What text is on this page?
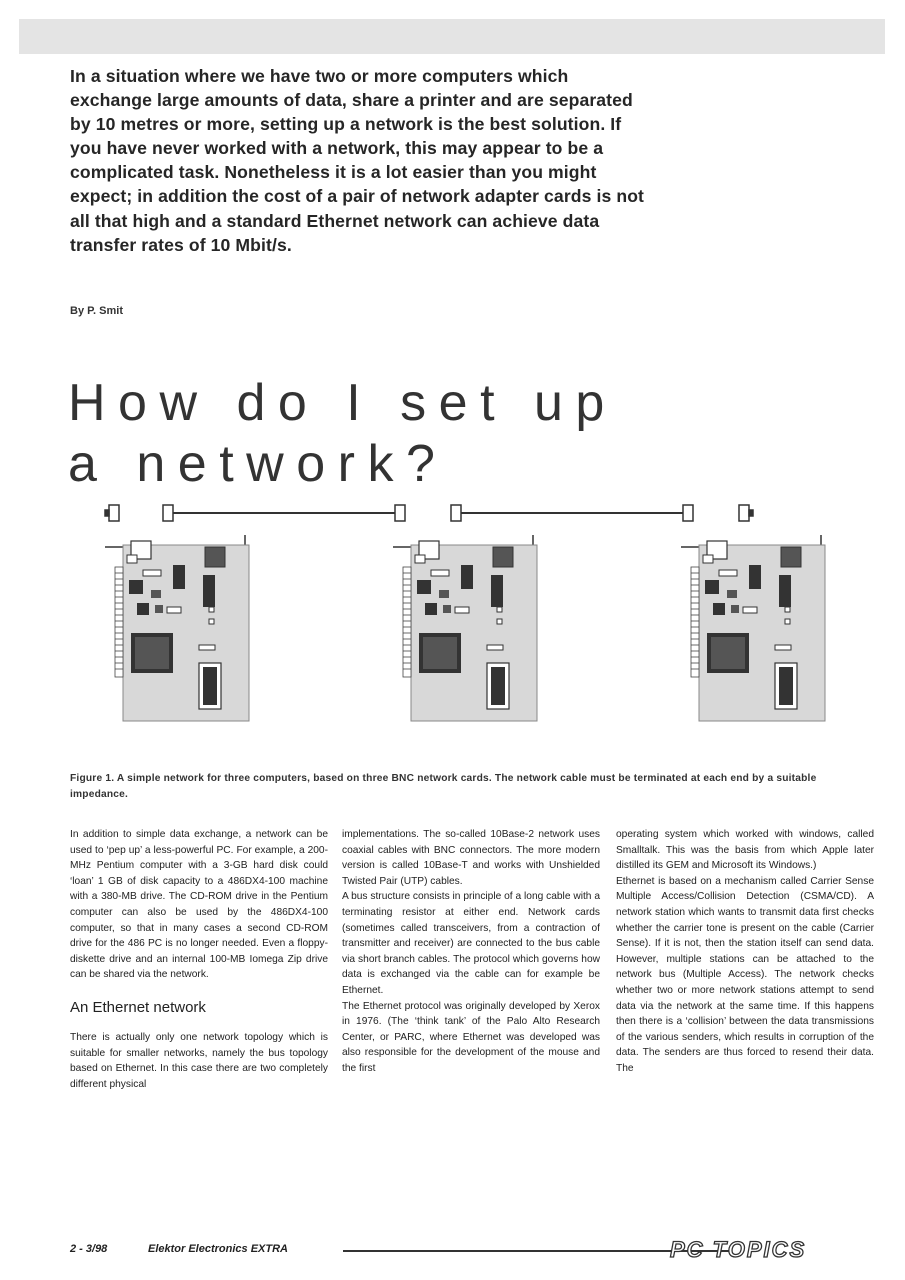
In a situation where we have two or more computers which exchange large amounts of data, share a printer and are separated by 10 metres or more, setting up a network is the best solution. If you have never worked with a network, this may appear to be a complicated task. Nonetheless it is a lot easier than you might expect; in addition the cost of a pair of network adapter cards is not all that high and a standard Ethernet network can achieve data transfer rates of 10 Mbit/s.
By P. Smit
How do I set up
a network?
Figure 1. A simple network for three computers, based on three BNC network cards. The network cable must be terminated at each end by a suitable impedance.

In addition to simple data exchange, a network can be used to ‘pep up’ a less-powerful PC. For example, a 200-MHz Pentium computer with a 3-GB hard disk could ‘loan’ 1 GB of disk capacity to a 486DX4-100 machine with a 380-MB drive. The CD-ROM drive in the Pentium computer can also be used by the 486DX4-100 computer, so that in many cases a second CD-ROM drive for the 486 PC is no longer needed. Even a floppy-diskette drive and an internal 100-MB Iomega Zip drive can be shared via the network.

An Ethernet network

There is actually only one network topology which is suitable for smaller networks, namely the bus topology based on Ethernet. In this case there are two completely different physical

implementations. The so-called 10Base-2 network uses coaxial cables with BNC connectors. The more modern version is called 10Base-T and works with Unshielded Twisted Pair (UTP) cables.

A bus structure consists in principle of a long cable with a terminating resistor at either end. Network cards (sometimes called transceivers, from a contraction of transmitter and receiver) are connected to the bus cable via short branch cables. The protocol which governs how data is exchanged via the cable can for example be Ethernet.

The Ethernet protocol was originally developed by Xerox in 1976. (The ‘think tank’ of the Palo Alto Research Center, or PARC, where Ethernet was developed was also responsible for the development of the mouse and the first

operating system which worked with windows, called Smalltalk. This was the basis from which Apple later distilled its GEM and Microsoft its Windows.)

Ethernet is based on a mechanism called Carrier Sense Multiple Access/Collision Detection (CSMA/CD). A network station which wants to transmit data first checks whether the carrier tone is present on the cable (Carrier Sense). If it is not, then the station itself can send data. However, multiple stations can be attached to the network bus (Multiple Access). The network checks whether two or more network stations attempt to send data via the network at the same time. If this happens then there is a ‘collision’ between the data transmissions of the various senders, which results in corruption of the data. The senders are thus forced to resend their data. The

2 - 3/98	Elektor Electronics EXTRA	PC TOPICS
